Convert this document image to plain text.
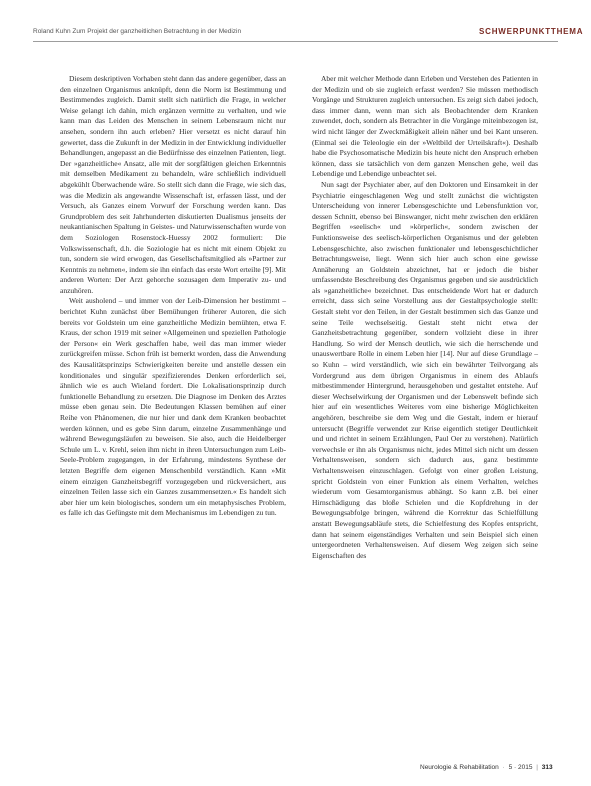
Roland Kuhn Zum Projekt der ganzheitlichen Betrachtung in der Medizin	SCHWERPUNKTTHEMA

Diesem deskriptiven Vorhaben steht dann das andere gegenüber, dass an den einzelnen Organismus anknüpft, denn die Norm ist Bestimmung und Bestimmendes zugleich. Damit stellt sich natürlich die Frage, in welcher Weise gelangt ich dahin, mich ergänzen vermitte zu verhalten, und wie kann man das Leiden des Menschen in seinem Lebensraum nicht nur ansehen, sondern ihn auch erleben? Hier versetzt es nicht darauf hin gewertet, dass die Zukunft in der Medizin in der Entwicklung individueller Behandlungen, angepasst an die Bedürfnisse des einzelnen Patienten, liegt. Der »ganzheitliche« Ansatz, alle mit der sorgfältigen gleichen Erkenntnis mit demselben Medikament zu behandeln, wäre schließlich individuell abgekühlt Überwachende wäre. So stellt sich dann die Frage, wie sich das, was die Medizin als angewandte Wissenschaft ist, erfassen lässt, und der Versuch, als Ganzes einem Vorwurf der Forschung werden kann. Das Grundproblem des seit Jahrhunderten diskutierten Dualismus jenseits der neukantianischen Spaltung in Geistes- und Naturwissenschaften wurde von dem Soziologen Rosenstock-Huessy 2002 formuliert: Die Volkswissenschaft, d.h. die Soziologie hat es nicht mit einem Objekt zu tun, sondern sie wird erwogen, das Gesellschaftsmitglied als »Partner zur Kenntnis zu nehmen«, indem sie ihn einfach das erste Wort erteilte [9]. Mit anderen Worten: Der Arzt gehorche sozusagen dem Imperativ zu- und anzuhören.

Weit ausholend – und immer von der Leib-Dimension her bestimmt – berichtet Kuhn zunächst über Bemühungen früherer Autoren, die sich bereits vor Goldstein um eine ganzheitliche Medizin bemühten, etwa F. Kraus, der schon 1919 mit seiner »Allgemeinen und speziellen Pathologie der Person« ein Werk geschaffen habe, weil das man immer wieder zurückgreifen müsse. Schon früh ist bemerkt worden, dass die Anwendung des Kausalitätsprinzips Schwierigkeiten bereite und anstelle dessen ein konditionales und singulär spezifizierendes Denken erforderlich sei, ähnlich wie es auch Wieland fordert. Die Lokalisationsprinzip durch funktionelle Behandlung zu ersetzen. Die Diagnose im Denken des Arztes müsse eben genau sein. Die Bedeutungen Klassen bemühen auf einer Reihe von Phänomenen, die nur hier und dank dem Kranken beobachtet werden können, und es gebe Sinn darum, einzelne Zusammenhänge und während Bewegungsläufen zu beweisen. Sie also, auch die Heidelberger Schule um L. v. Krehl, seien ihm nicht in ihren Untersuchungen zum Leib-Seele-Problem zugegangen, in der Erfahrung, mindestens Synthese der letzten Begriffe dem eigenen Menschenbild verständlich. Kann »Mit einem einzigen Ganzheitsbegriff vorzugegeben und rückversichert, aus einzelnen Teilen lasse sich ein Ganzes zusammensetzen.« Es handelt sich aber hier um kein biologisches, sondern um ein metaphysisches Problem, es falle ich das Gefüngste mit dem Mechanismus im Lebendigen zu tun.

Aber mit welcher Methode dann Erleben und Verstehen des Patienten in der Medizin und ob sie zugleich erfasst werden? Sie müssen methodisch Vorgänge und Strukturen zugleich untersuchen. Es zeigt sich dabei jedoch, dass immer dann, wenn man sich als Beobachtender dem Kranken zuwendet, doch, sondern als Betrachter in die Vorgänge miteinbezogen ist, wird nicht länger der Zweckmäßigkeit allein näher und bei Kant unseren. (Einmal sei die Teleologie ein der »Weltbild der Urteilskraft«). Deshalb habe die Psychosomatische Medizin bis heute nicht den Anspruch erheben können, dass sie tatsächlich von dem ganzen Menschen gehe, weil das Lebendige und Lebendige unbeachtet sei.

Nun sagt der Psychiater aber, auf den Doktoren und Einsamkeit in der Psychiatrie eingeschlagenen Weg und stellt zunächst die wichtigsten Unterscheidung von innerer Lebensgeschichte und Lebensfunktion vor, dessen Schnitt, ebenso bei Binswanger, nicht mehr zwischen den erklären Begriffen »seelisch« und »körperlich«, sondern zwischen der Funktionsweise des seelisch-körperlichen Organismus und der gelebten Lebensgeschichte, also zwischen funktionaler und lebensgeschichtlicher Betrachtungsweise, liegt. Wenn sich hier auch schon eine gewisse Annäherung an Goldstein abzeichnet, hat er jedoch die bisher umfassendste Beschreibung des Organismus gegeben und sie ausdrücklich als »ganzheitliche« bezeichnet. Das entscheidende Wort hat er dadurch erreicht, dass sich seine Vorstellung aus der Gestaltpsychologie stellt: Gestalt steht vor den Teilen, in der Gestalt bestimmen sich das Ganze und seine Teile wechselseitig. Gestalt steht nicht etwa der Ganzheitsbetrachtung gegenüber, sondern vollzieht diese in ihrer Handlung. So wird der Mensch deutlich, wie sich die herrschende und unauswertbare Rolle in einem Leben hier [14]. Nur auf diese Grundlage – so Kuhn – wird verständlich, wie sich ein bewährter Teilvorgang als Vordergrund aus dem übrigen Organismus in einem des Ablaufs mitbestimmender Hintergrund, herausgehoben und gestaltet entstehe. Auf dieser Wechselwirkung der Organismen und der Lebenswelt befinde sich hier auf ein wesentliches Weiteres vom eine bisherige Möglichkeiten angehören, beschreibe sie dem Weg und die Gestalt, indem er hierauf untersucht (Begriffe verwendet zur Krise eigentlich stetiger Deutlichkeit und und richtet in seinem Erzählungen, Paul Oer zu verstehen). Natürlich verwechsle er ihn als Organismus nicht, jedes Mittel sich nicht um dessen Verhaltensweisen, sondern sich dadurch aus, ganz bestimmte Verhaltensweisen einzuschlagen. Gefolgt von einer großen Leistung, spricht Goldstein von einer Funktion als einem Verhalten, welches wiederum vom Gesamtorganismus abhängt. So kann z.B. bei einer Hirnschädigung das bloße Schielen und die Kopfdrehung in der Bewegungsabfolge bringen, während die Korrektur das Schielfüllung anstatt Bewegungsabläufe stets, die Schielfestung des Kopfes entspricht, dann hat seinem eigenständiges Verhalten und sein Beispiel sich einen untergeordneten Verhaltensweisen. Auf diesem Weg zeigen sich seine Eigenschaften des

Neurologie & Rehabilitation · 5 · 2015 | 313
